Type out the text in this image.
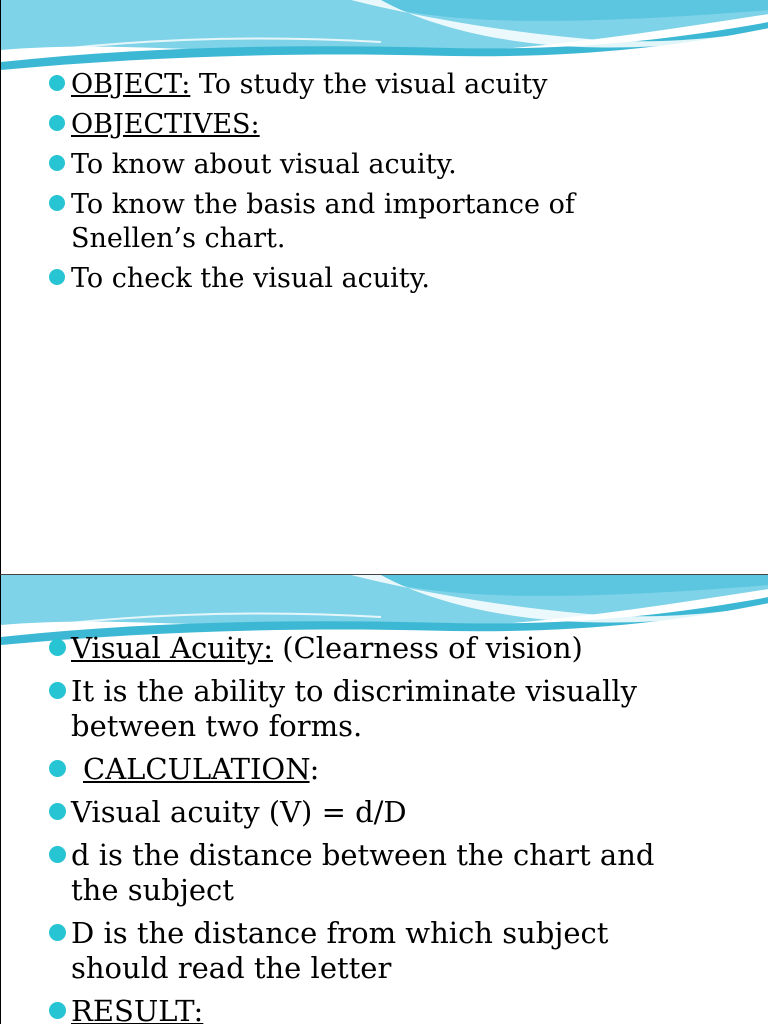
OBJECT: To study the visual acuity
OBJECTIVES:
To know about visual acuity.
To know the basis and importance of
Snellen’s chart.
To check the visual acuity.
Visual Acuity: (Clearness of vision)
It is the ability to discriminate visually
between two forms.
CALCULATION:
Visual acuity (V) = d/D
d is the distance between the chart and
the subject
D is the distance from which subject
should read the letter
RESULT:
